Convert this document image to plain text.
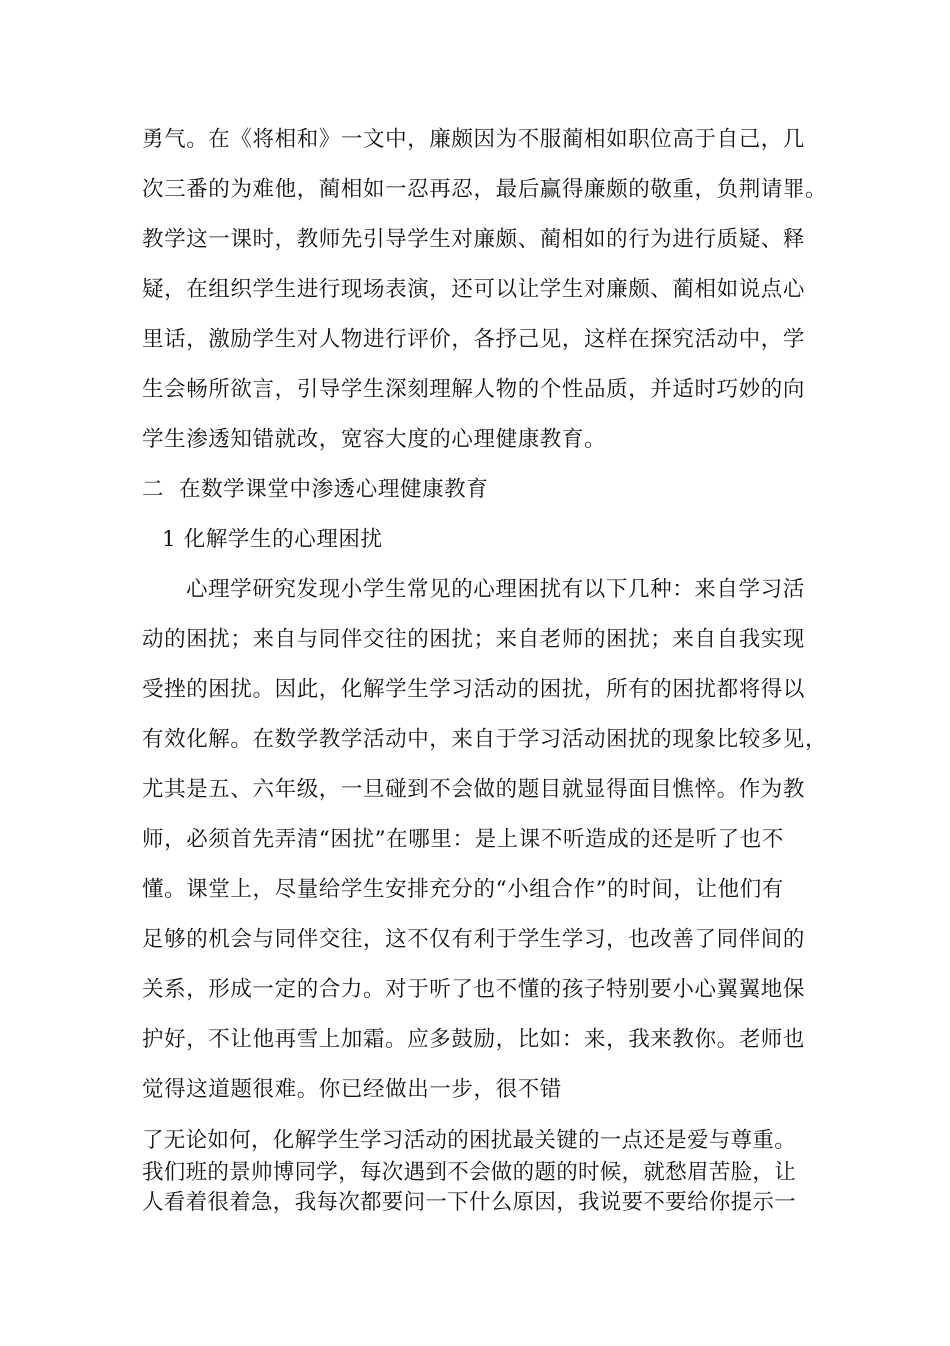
勇气。在《将相和》一文中，廉颇因为不服蔺相如职位高于自己，几
次三番的为难他，蔺相如一忍再忍，最后赢得廉颇的敬重，负荆请罪。
教学这一课时，教师先引导学生对廉颇、蔺相如的行为进行质疑、释
疑，在组织学生进行现场表演，还可以让学生对廉颇、蔺相如说点心
里话，激励学生对人物进行评价，各抒己见，这样在探究活动中，学
生会畅所欲言，引导学生深刻理解人物的个性品质，并适时巧妙的向
学生渗透知错就改，宽容大度的心理健康教育。
二  在数学课堂中渗透心理健康教育
1 化解学生的心理困扰
心理学研究发现小学生常见的心理困扰有以下几种：来自学习活
动的困扰；来自与同伴交往的困扰；来自老师的困扰；来自自我实现
受挫的困扰。因此，化解学生学习活动的困扰，所有的困扰都将得以
有效化解。在数学教学活动中，来自于学习活动困扰的现象比较多见，
尤其是五、六年级，一旦碰到不会做的题目就显得面目憔悴。作为教
师，必须首先弄清“困扰”在哪里：是上课不听造成的还是听了也不
懂。课堂上，尽量给学生安排充分的“小组合作”的时间，让他们有
足够的机会与同伴交往，这不仅有利于学生学习，也改善了同伴间的
关系，形成一定的合力。对于听了也不懂的孩子特别要小心翼翼地保
护好，不让他再雪上加霜。应多鼓励，比如：来，我来教你。老师也
觉得这道题很难。你已经做出一步，很不错
了无论如何，化解学生学习活动的困扰最关键的一点还是爱与尊重。
我们班的景帅博同学，每次遇到不会做的题的时候，就愁眉苦脸，让
人看着很着急，我每次都要问一下什么原因，我说要不要给你提示一
